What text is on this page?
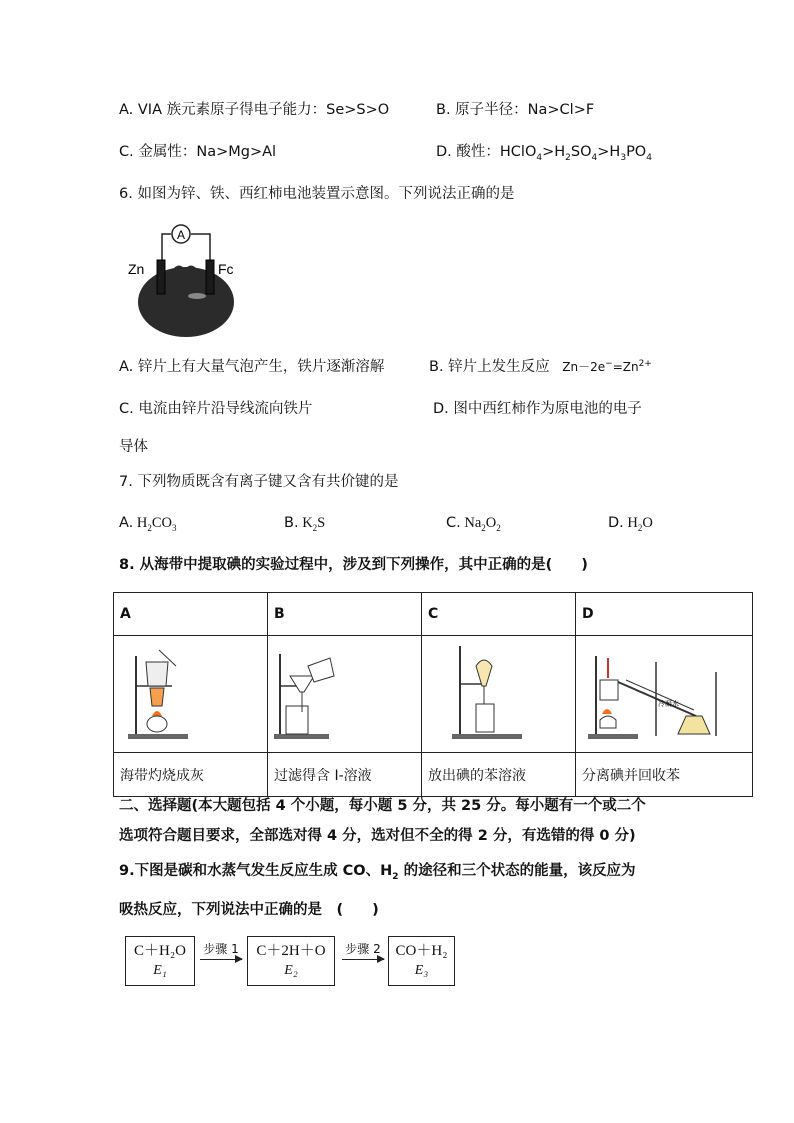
A. VIA 族元素原子得电子能力：Se>S>O	B. 原子半径：Na>Cl>F
C. 金属性：Na>Mg>Al	D. 酸性：$HClO_4>H_2SO_4>H_3PO_4$
6. 如图为锌、铁、西红柿电池装置示意图。下列说法正确的是
A
Zn	Fc
A. 锌片上有大量气泡产生，铁片逐渐溶解	B. 锌片上发生反应 $Zn-2e^-=Zn^{2+}$
C. 电流由锌片沿导线流向铁片	D. 图中西红柿作为原电池的电子
导体
7. 下列物质既含有离子键又含有共价键的是
A. $H_2CO_3$	B. $K_2S$	C. $Na_2O_2$	D. $H_2O$
8. 从海带中提取碘的实验过程中，涉及到下列操作，其中正确的是(　　)
A	B	C	D

冷凝水

海带灼烧成灰	过滤得含 I-溶液	放出碘的苯溶液	分离碘并回收苯
二、选择题(本大题包括 4 个小题，每小题 5 分，共 25 分。每小题有一个或二个
选项符合题目要求，全部选对得 4 分，选对但不全的得 2 分，有选错的得 0 分)
9.下图是碳和水蒸气发生反应生成 CO、$H_2$ 的途径和三个状态的能量，该反应为
吸热反应，下列说法中正确的是　(　　)
C＋H₂O
E₁
步骤 1	C＋2H＋O
E₂
步骤 2 CO＋H₂
E₃
